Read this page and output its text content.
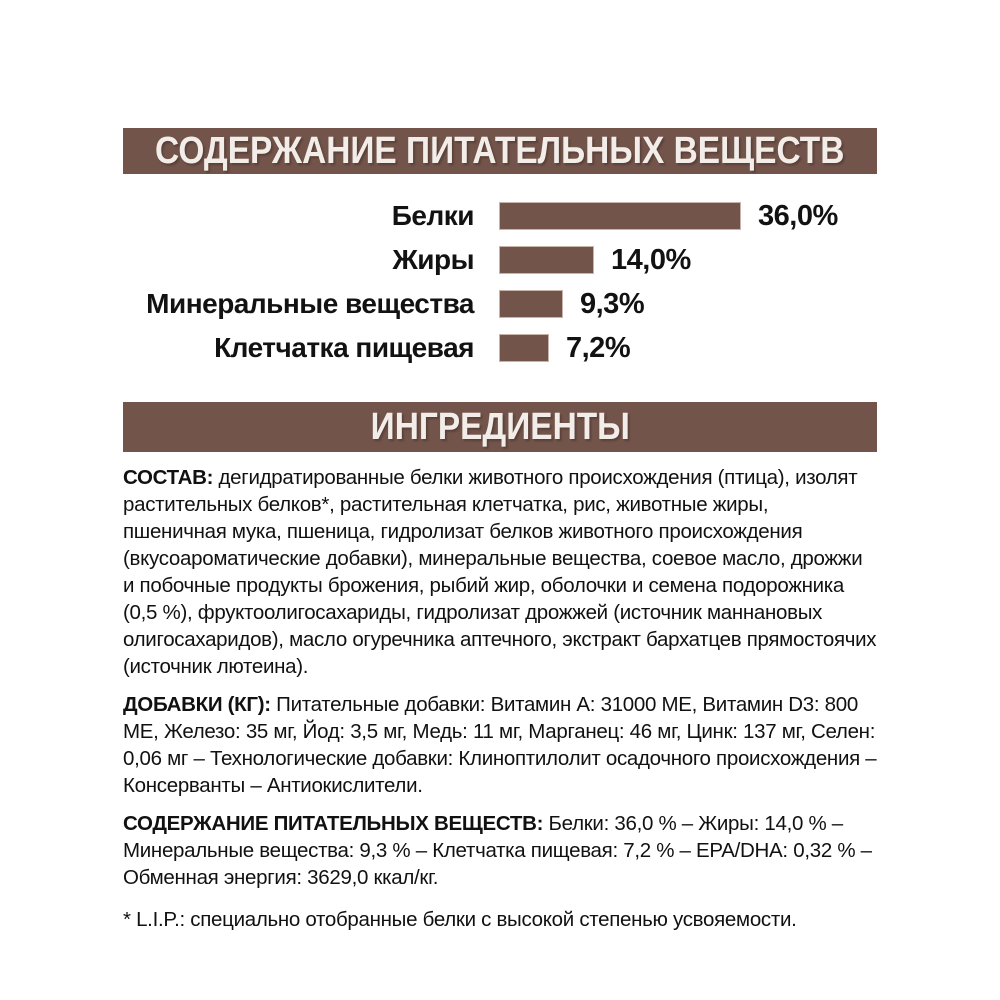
СОДЕРЖАНИЕ ПИТАТЕЛЬНЫХ ВЕЩЕСТВ
Белки	36,0%
Жиры	14,0%
Минеральные вещества	9,3%
Клетчатка пищевая	7,2%
ИНГРЕДИЕНТЫ

СОСТАВ: дегидратированные белки животного происхождения (птица), изолят растительных белков*, растительная клетчатка, рис, животные жиры, пшеничная мука, пшеница, гидролизат белков животного происхождения (вкусоароматические добавки), минеральные вещества, соевое масло, дрожжи и побочные продукты брожения, рыбий жир, оболочки и семена подорожника (0,5 %), фруктоолигосахариды, гидролизат дрожжей (источник маннановых олигосахаридов), масло огуречника аптечного, экстракт бархатцев прямостоячих (источник лютеина).

ДОБАВКИ (КГ): Питательные добавки: Витамин A: 31000 МЕ, Витамин D3: 800 МЕ, Железо: 35 мг, Йод: 3,5 мг, Медь: 11 мг, Марганец: 46 мг, Цинк: 137 мг, Селен: 0,06 мг – Технологические добавки: Клиноптилолит осадочного происхождения – Консерванты – Антиокислители.

СОДЕРЖАНИЕ ПИТАТЕЛЬНЫХ ВЕЩЕСТВ: Белки: 36,0 % – Жиры: 14,0 % – Минеральные вещества: 9,3 % – Клетчатка пищевая: 7,2 % – EPA/DHA: 0,32 % – Обменная энергия: 3629,0 ккал/кг.

* L.I.P.: специально отобранные белки с высокой степенью усвояемости.
